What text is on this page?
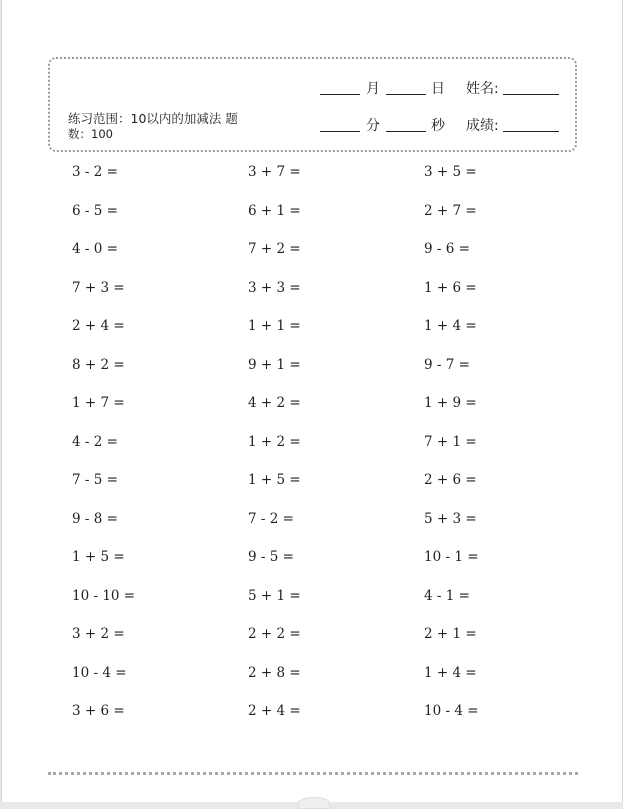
练习范围：10以内的加减法 题
数：100
月	日 姓名:
分	秒 成绩:
3 - 2 =
6 - 5 =
4 - 0 =
7 + 3 =
2 + 4 =
8 + 2 =
1 + 7 =
4 - 2 =
7 - 5 =
9 - 8 =
1 + 5 =
10 - 10 =
3 + 2 =
10 - 4 =
3 + 6 =
3 + 7 =
6 + 1 =
7 + 2 =
3 + 3 =
1 + 1 =
9 + 1 =
4 + 2 =
1 + 2 =
1 + 5 =
7 - 2 =
9 - 5 =
5 + 1 =
2 + 2 =
2 + 8 =
2 + 4 =
3 + 5 =
2 + 7 =
9 - 6 =
1 + 6 =
1 + 4 =
9 - 7 =
1 + 9 =
7 + 1 =
2 + 6 =
5 + 3 =
10 - 1 =
4 - 1 =
2 + 1 =
1 + 4 =
10 - 4 =
